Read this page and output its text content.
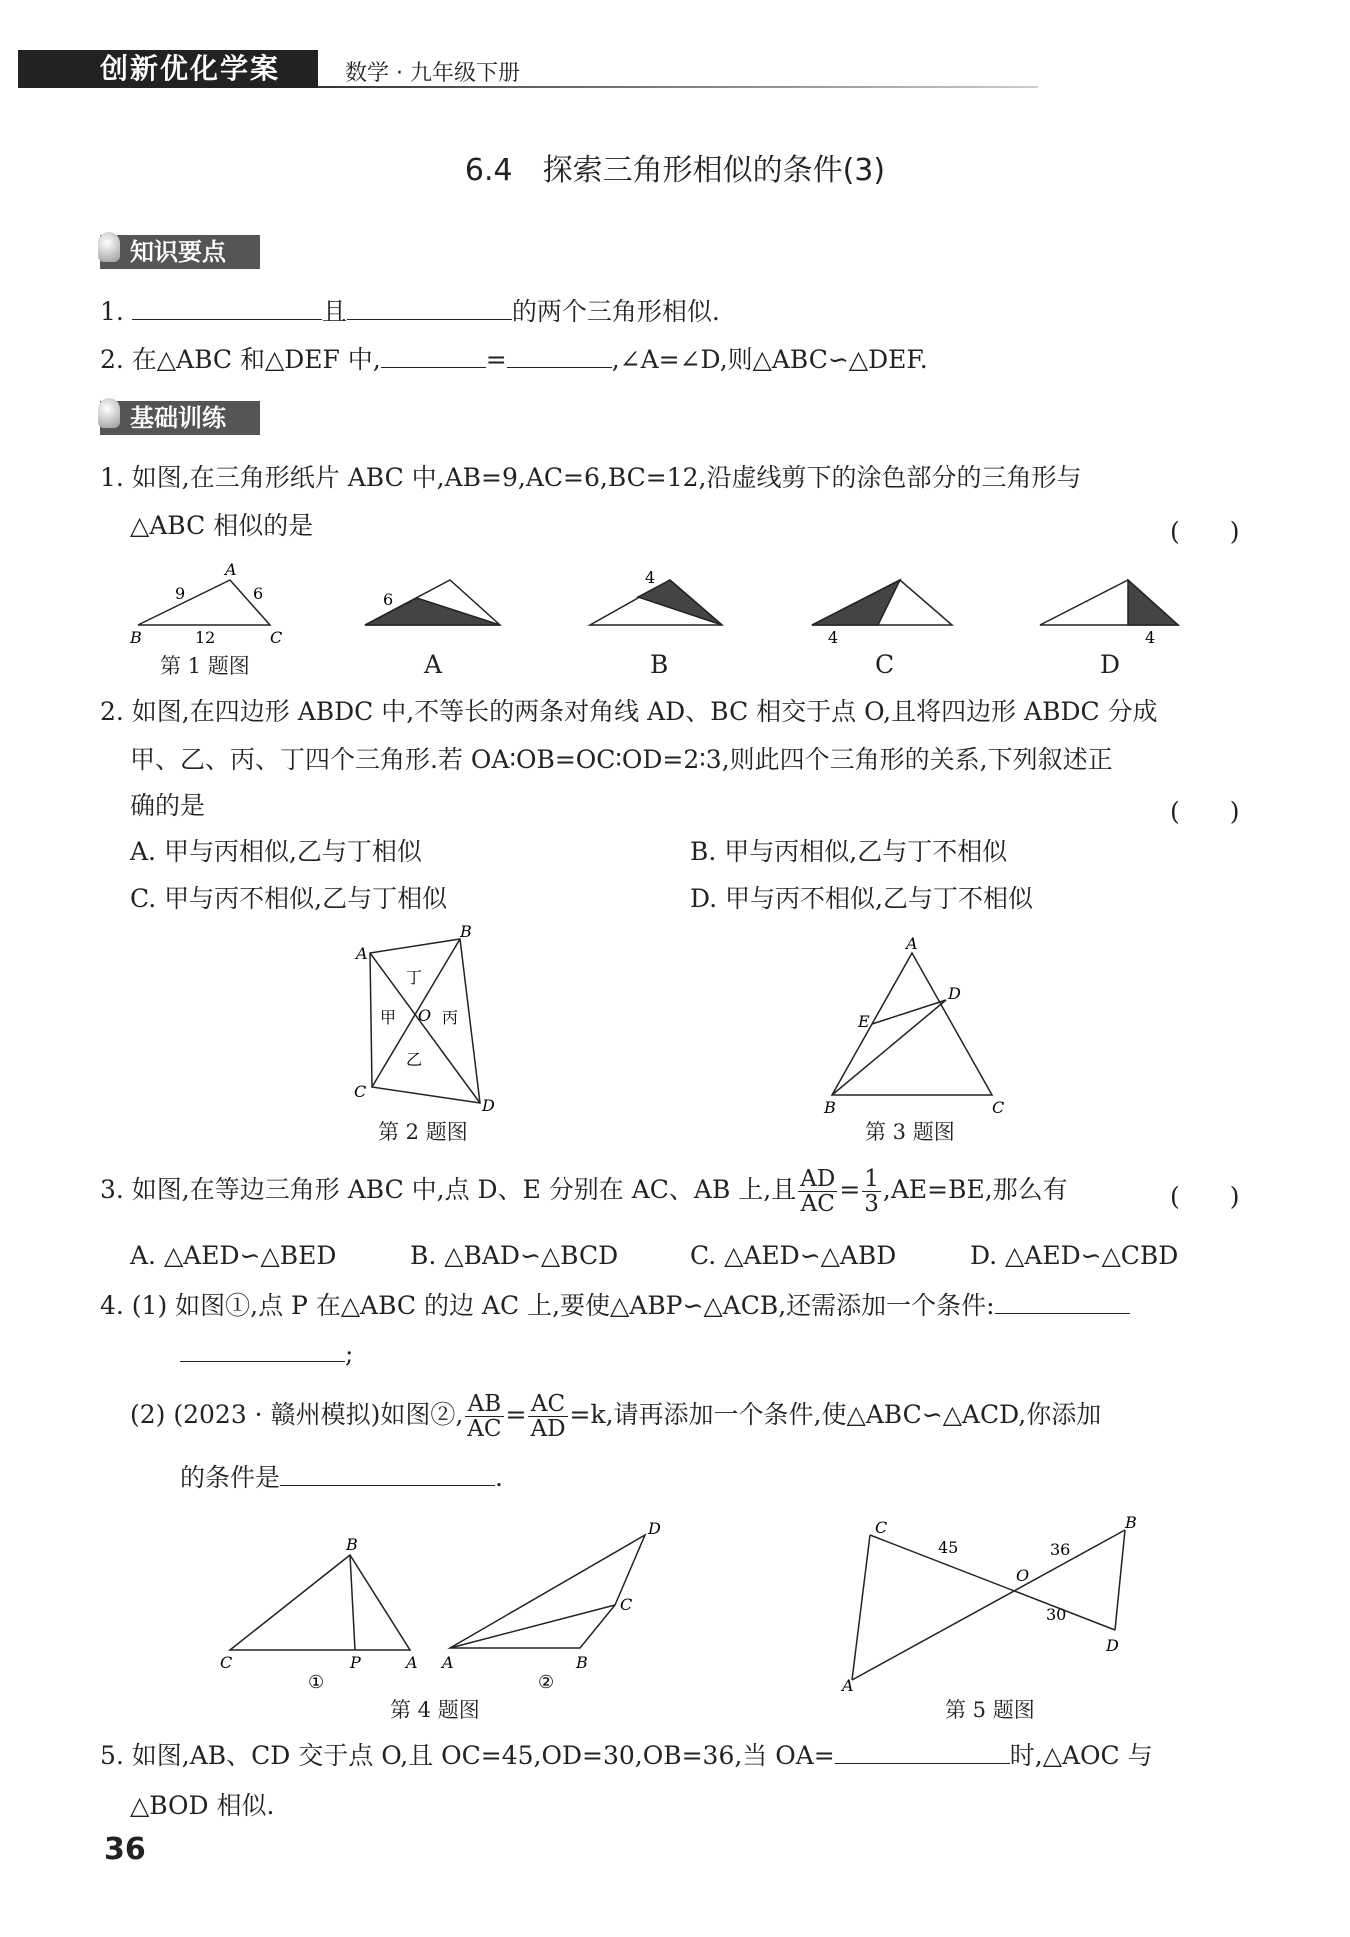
创新优化学案	数学 · 九年级下册
6.4　探索三角形相似的条件(3)
知识要点
1.	且	的两个三角形相似.
2. 在△ABC 和△DEF 中,	=	,∠A=∠D,则△ABC∽△DEF.
基础训练
1. 如图,在三角形纸片 ABC 中,AB=9,AC=6,BC=12,沿虚线剪下的涂色部分的三角形与
△ABC 相似的是	(　　)
A
B	C
9	6
12
6
4
4	4
第 1 题图	A	B	C	D
2. 如图,在四边形 ABDC 中,不等长的两条对角线 AD、BC 相交于点 O,且将四边形 ABDC 分成
甲、乙、丙、丁四个三角形.若 OA∶OB=OC∶OD=2∶3,则此四个三角形的关系,下列叙述正
确的是	(　　)
A. 甲与丙相似,乙与丁相似	B. 甲与丙相似,乙与丁不相似
C. 甲与丙不相似,乙与丁相似	D. 甲与丙不相似,乙与丁不相似
A
B
C
D
O
甲
乙
丙
丁
第 2 题图
A
B	C
D
E
第 3 题图
3. 如图,在等边三角形 ABC 中,点 D、E 分别在 AC、AB 上,且 $\frac{AD}{AC} = \frac{1}{3} ,AE=BE$,那么有	(　　)
A. △AED∽△BED	B. △BAD∽△BCD	C. △AED∽△ABD	D. △AED∽△CBD
4. (1) 如图①,点 P 在△ABC 的边 AC 上,要使△ABP∽△ACB,还需添加一个条件:
;
(2) (2023 · 赣州模拟)如图②, $\frac{AB}{AC} = \frac{AC}{AD} =k$,请再添加一个条件,使△ABC∽△ACD,你添加
的条件是	.
B
C	P	A
D
C
A	B
①	②
第 4 题图
C	B
A
D
O
45	36
30
第 5 题图
5. 如图,AB、CD 交于点 O,且 OC=45,OD=30,OB=36,当 OA=	时,△AOC 与
△BOD 相似.
36
